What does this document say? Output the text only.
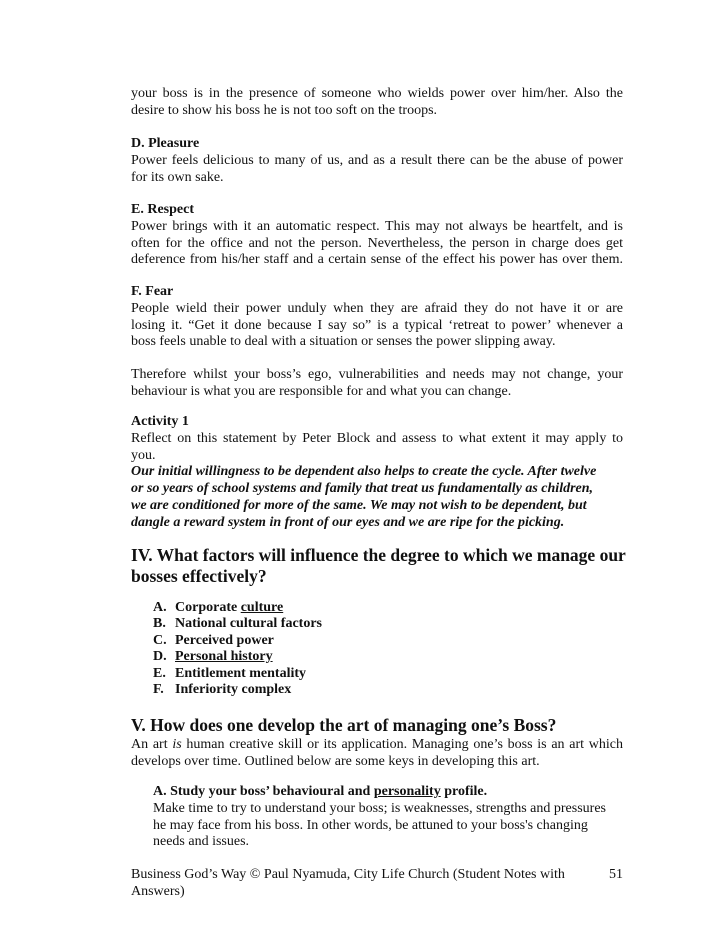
your boss is in the presence of someone who wields power over him/her. Also the
desire to show his boss he is not too soft on the troops.
D. Pleasure
Power feels delicious to many of us, and as a result there can be the abuse of power
for its own sake.
E. Respect
Power brings with it an automatic respect. This may not always be heartfelt, and is
often for the office and not the person. Nevertheless, the person in charge does get
deference from his/her staff and a certain sense of the effect his power has over them.
F. Fear
People wield their power unduly when they are afraid they do not have it or are
losing it. “Get it done because I say so” is a typical ‘retreat to power’ whenever a
boss feels unable to deal with a situation or senses the power slipping away.
Therefore whilst your boss’s ego, vulnerabilities and needs may not change, your
behaviour is what you are responsible for and what you can change.
Activity 1
Reflect on this statement by Peter Block and assess to what extent it may apply to
you.
Our initial willingness to be dependent also helps to create the cycle. After twelve
or so years of school systems and family that treat us fundamentally as children,
we are conditioned for more of the same. We may not wish to be dependent, but
dangle a reward system in front of our eyes and we are ripe for the picking.
IV. What factors will influence the degree to which we manage our
bosses effectively?
A. Corporate culture
B. National cultural factors
C. Perceived power
D. Personal history
E. Entitlement mentality
F. Inferiority complex
V. How does one develop the art of managing one’s Boss?
An art is human creative skill or its application. Managing one’s boss is an art which
develops over time. Outlined below are some keys in developing this art.
A. Study your boss’ behavioural and personality profile.
Make time to try to understand your boss; is weaknesses, strengths and pressures
he may face from his boss. In other words, be attuned to your boss's changing
needs and issues.
Business God’s Way © Paul Nyamuda, City Life Church (Student Notes with
Answers)
51
